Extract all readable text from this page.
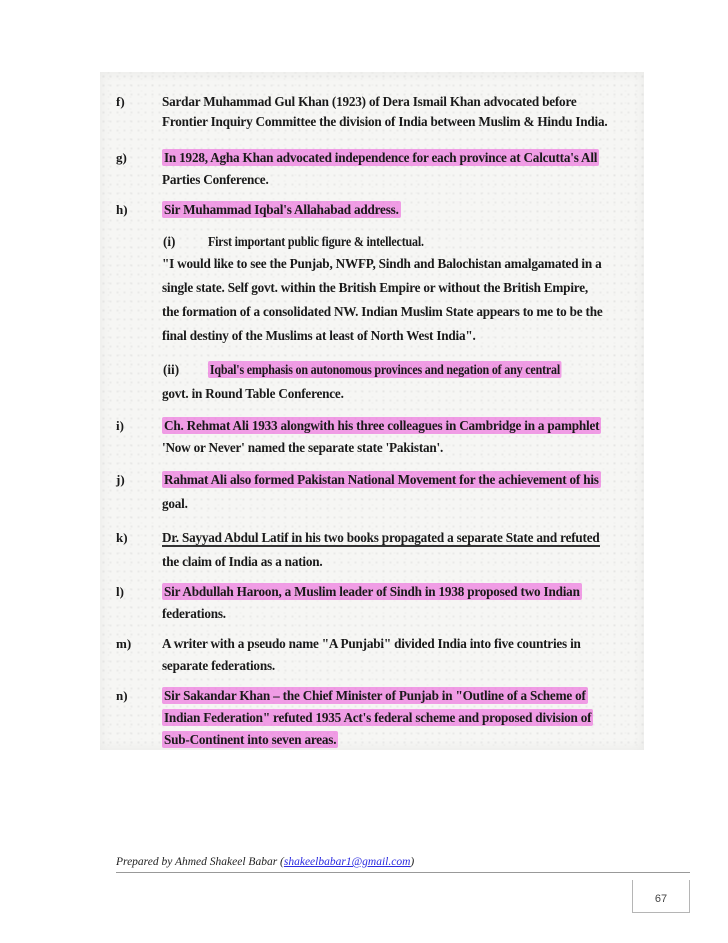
f)	Sardar Muhammad Gul Khan (1923) of Dera Ismail Khan advocated before
Frontier Inquiry Committee the division of India between Muslim & Hindu India.
g)	In 1928, Agha Khan advocated independence for each province at Calcutta's All
Parties Conference.
h)	Sir Muhammad Iqbal's Allahabad address.
(i)	First important public figure & intellectual.
"I would like to see the Punjab, NWFP, Sindh and Balochistan amalgamated in a
single state. Self govt. within the British Empire or without the British Empire,
the formation of a consolidated NW. Indian Muslim State appears to me to be the
final destiny of the Muslims at least of North West India".
(ii)	Iqbal's emphasis on autonomous provinces and negation of any central
govt. in Round Table Conference.
i)	Ch. Rehmat Ali 1933 alongwith his three colleagues in Cambridge in a pamphlet
'Now or Never' named the separate state 'Pakistan'.
j)	Rahmat Ali also formed Pakistan National Movement for the achievement of his
goal.
k)	Dr. Sayyad Abdul Latif in his two books propagated a separate State and refuted
the claim of India as a nation.
l)	Sir Abdullah Haroon, a Muslim leader of Sindh in 1938 proposed two Indian
federations.
m)	A writer with a pseudo name "A Punjabi" divided India into five countries in
separate federations.
n)	Sir Sakandar Khan – the Chief Minister of Punjab in "Outline of a Scheme of
Indian Federation" refuted 1935 Act's federal scheme and proposed division of
Sub-Continent into seven areas.
Prepared by Ahmed Shakeel Babar (shakeelbabar1@gmail.com)
67
